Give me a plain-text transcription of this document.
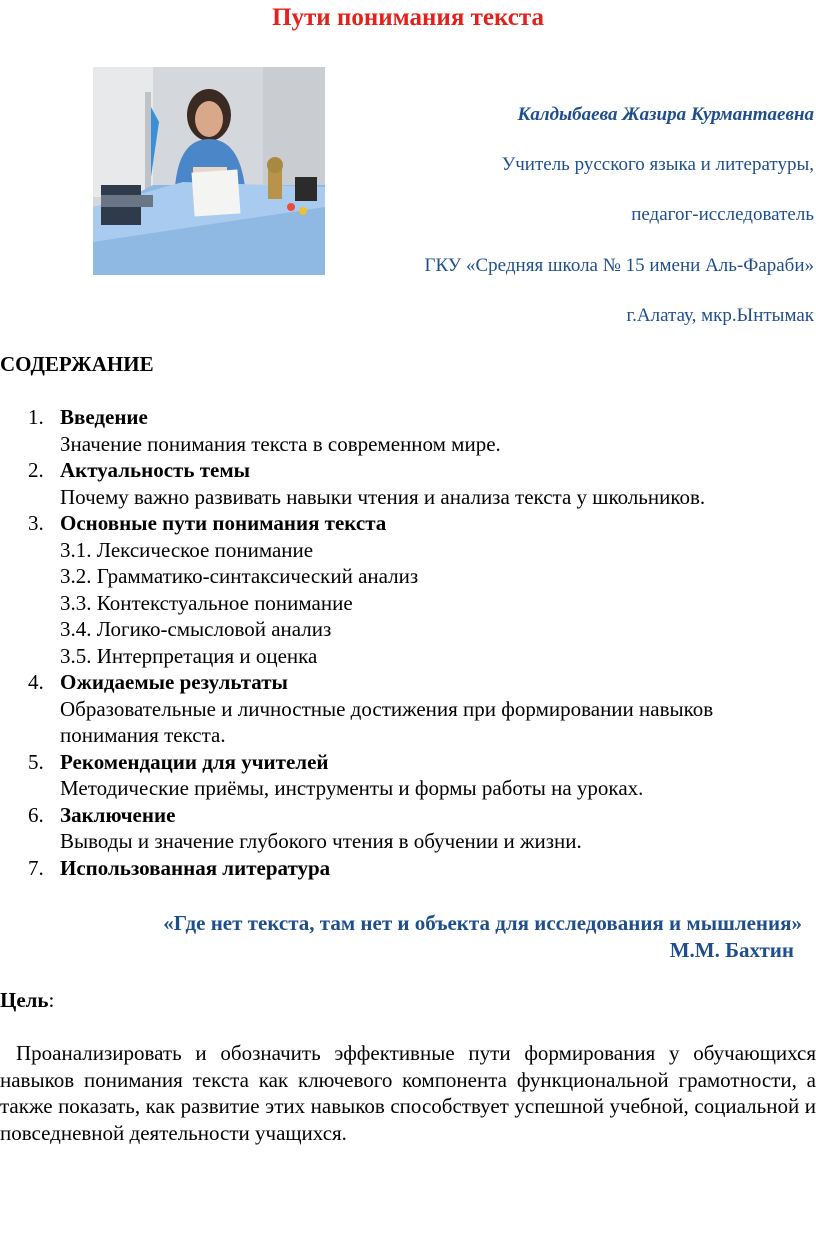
Пути понимания текста
Калдыбаева Жазира Курмантаевна
Учитель русского языка и литературы,
педагог-исследователь
ГКУ «Средняя школа № 15 имени Аль-Фараби»
г.Алатау, мкр.Ынтымак
СОДЕРЖАНИЕ
1. Введение
Значение понимания текста в современном мире.
2. Актуальность темы
Почему важно развивать навыки чтения и анализа текста у школьников.
3. Основные пути понимания текста
3.1. Лексическое понимание
3.2. Грамматико-синтаксический анализ
3.3. Контекстуальное понимание
3.4. Логико-смысловой анализ
3.5. Интерпретация и оценка
4. Ожидаемые результаты
Образовательные и личностные достижения при формировании навыков понимания текста.
5. Рекомендации для учителей
Методические приёмы, инструменты и формы работы на уроках.
6. Заключение
Выводы и значение глубокого чтения в обучении и жизни.
7. Использованная литература
«Где нет текста, там нет и объекта для исследования и мышления»
М.М. Бахтин
Цель:
Проанализировать и обозначить эффективные пути формирования у обучающихся навыков понимания текста как ключевого компонента функциональной грамотности, а также показать, как развитие этих навыков способствует успешной учебной, социальной и повседневной деятельности учащихся.
